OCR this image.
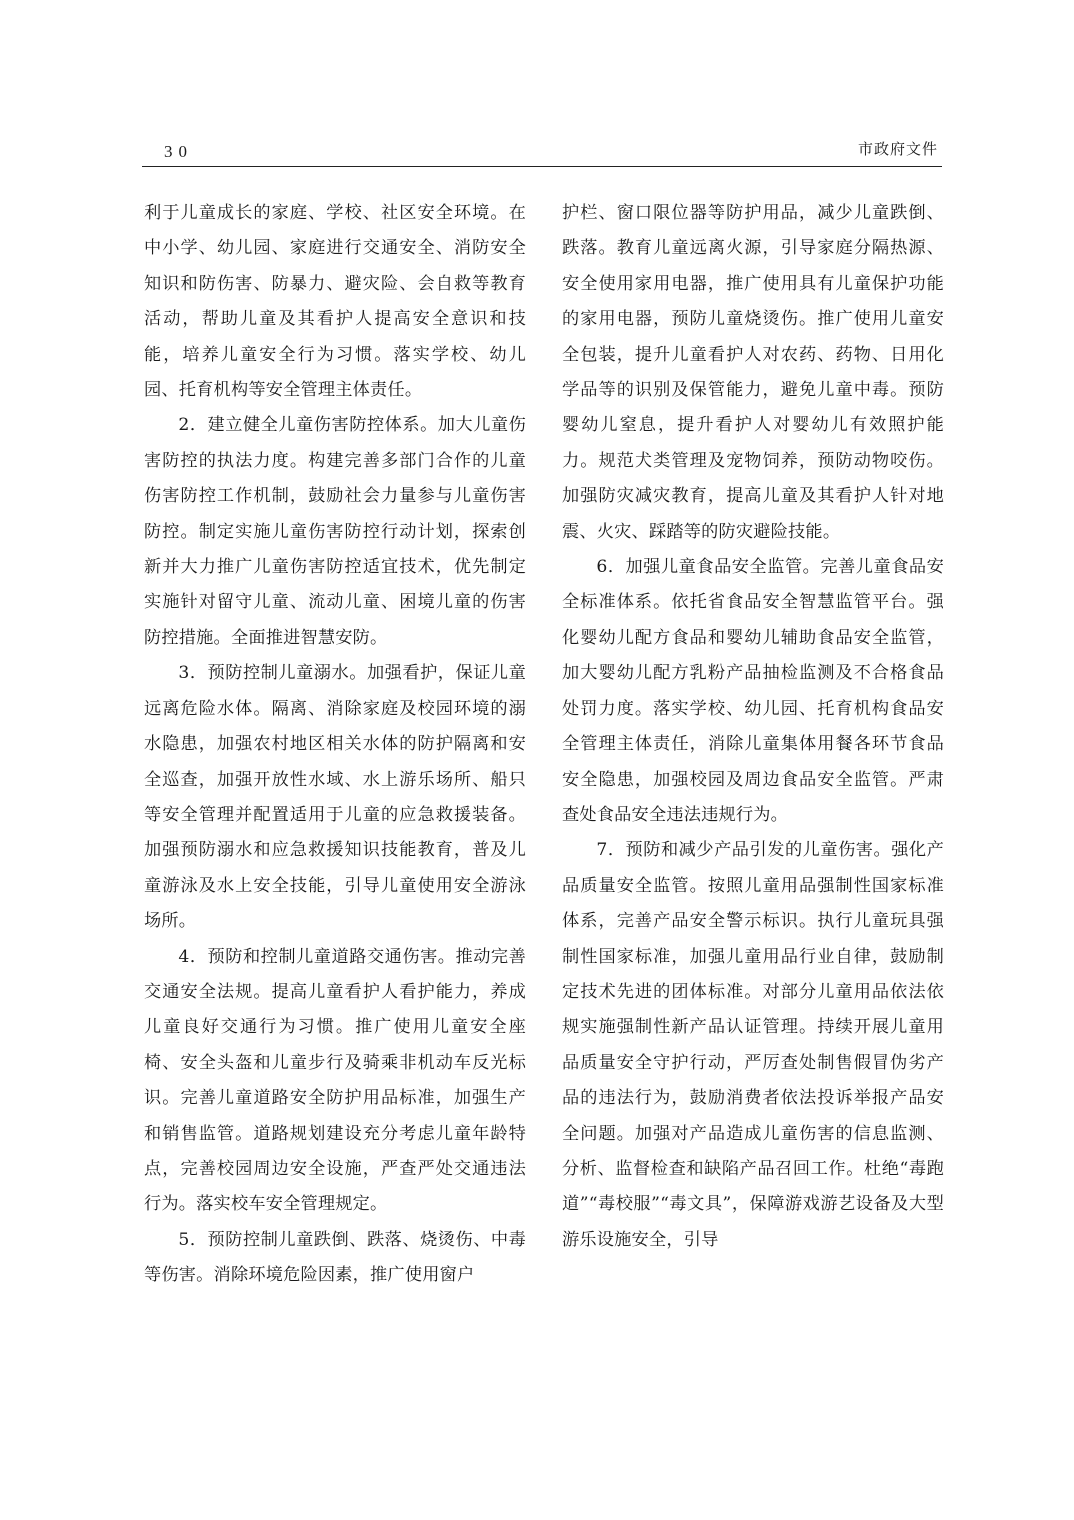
30	市政府文件

利于儿童成长的家庭、学校、社区安全环境。在中小学、幼儿园、家庭进行交通安全、消防安全知识和防伤害、防暴力、避灾险、会自救等教育活动，帮助儿童及其看护人提高安全意识和技能，培养儿童安全行为习惯。落实学校、幼儿园、托育机构等安全管理主体责任。

2．建立健全儿童伤害防控体系。加大儿童伤害防控的执法力度。构建完善多部门合作的儿童伤害防控工作机制，鼓励社会力量参与儿童伤害防控。制定实施儿童伤害防控行动计划，探索创新并大力推广儿童伤害防控适宜技术，优先制定实施针对留守儿童、流动儿童、困境儿童的伤害防控措施。全面推进智慧安防。

3．预防控制儿童溺水。加强看护，保证儿童远离危险水体。隔离、消除家庭及校园环境的溺水隐患，加强农村地区相关水体的防护隔离和安全巡查，加强开放性水域、水上游乐场所、船只等安全管理并配置适用于儿童的应急救援装备。加强预防溺水和应急救援知识技能教育，普及儿童游泳及水上安全技能，引导儿童使用安全游泳场所。

4．预防和控制儿童道路交通伤害。推动完善交通安全法规。提高儿童看护人看护能力，养成儿童良好交通行为习惯。推广使用儿童安全座椅、安全头盔和儿童步行及骑乘非机动车反光标识。完善儿童道路安全防护用品标准，加强生产和销售监管。道路规划建设充分考虑儿童年龄特点，完善校园周边安全设施，严查严处交通违法行为。落实校车安全管理规定。

5．预防控制儿童跌倒、跌落、烧烫伤、中毒等伤害。消除环境危险因素，推广使用窗户

护栏、窗口限位器等防护用品，减少儿童跌倒、跌落。教育儿童远离火源，引导家庭分隔热源、安全使用家用电器，推广使用具有儿童保护功能的家用电器，预防儿童烧烫伤。推广使用儿童安全包装，提升儿童看护人对农药、药物、日用化学品等的识别及保管能力，避免儿童中毒。预防婴幼儿窒息，提升看护人对婴幼儿有效照护能力。规范犬类管理及宠物饲养，预防动物咬伤。加强防灾减灾教育，提高儿童及其看护人针对地震、火灾、踩踏等的防灾避险技能。

6．加强儿童食品安全监管。完善儿童食品安全标准体系。依托省食品安全智慧监管平台。强化婴幼儿配方食品和婴幼儿辅助食品安全监管，加大婴幼儿配方乳粉产品抽检监测及不合格食品处罚力度。落实学校、幼儿园、托育机构食品安全管理主体责任，消除儿童集体用餐各环节食品安全隐患，加强校园及周边食品安全监管。严肃查处食品安全违法违规行为。

7．预防和减少产品引发的儿童伤害。强化产品质量安全监管。按照儿童用品强制性国家标准体系，完善产品安全警示标识。执行儿童玩具强制性国家标准，加强儿童用品行业自律，鼓励制定技术先进的团体标准。对部分儿童用品依法依规实施强制性新产品认证管理。持续开展儿童用品质量安全守护行动，严厉查处制售假冒伪劣产品的违法行为，鼓励消费者依法投诉举报产品安全问题。加强对产品造成儿童伤害的信息监测、分析、监督检查和缺陷产品召回工作。杜绝“毒跑道”“毒校服”“毒文具”，保障游戏游艺设备及大型游乐设施安全，引导
